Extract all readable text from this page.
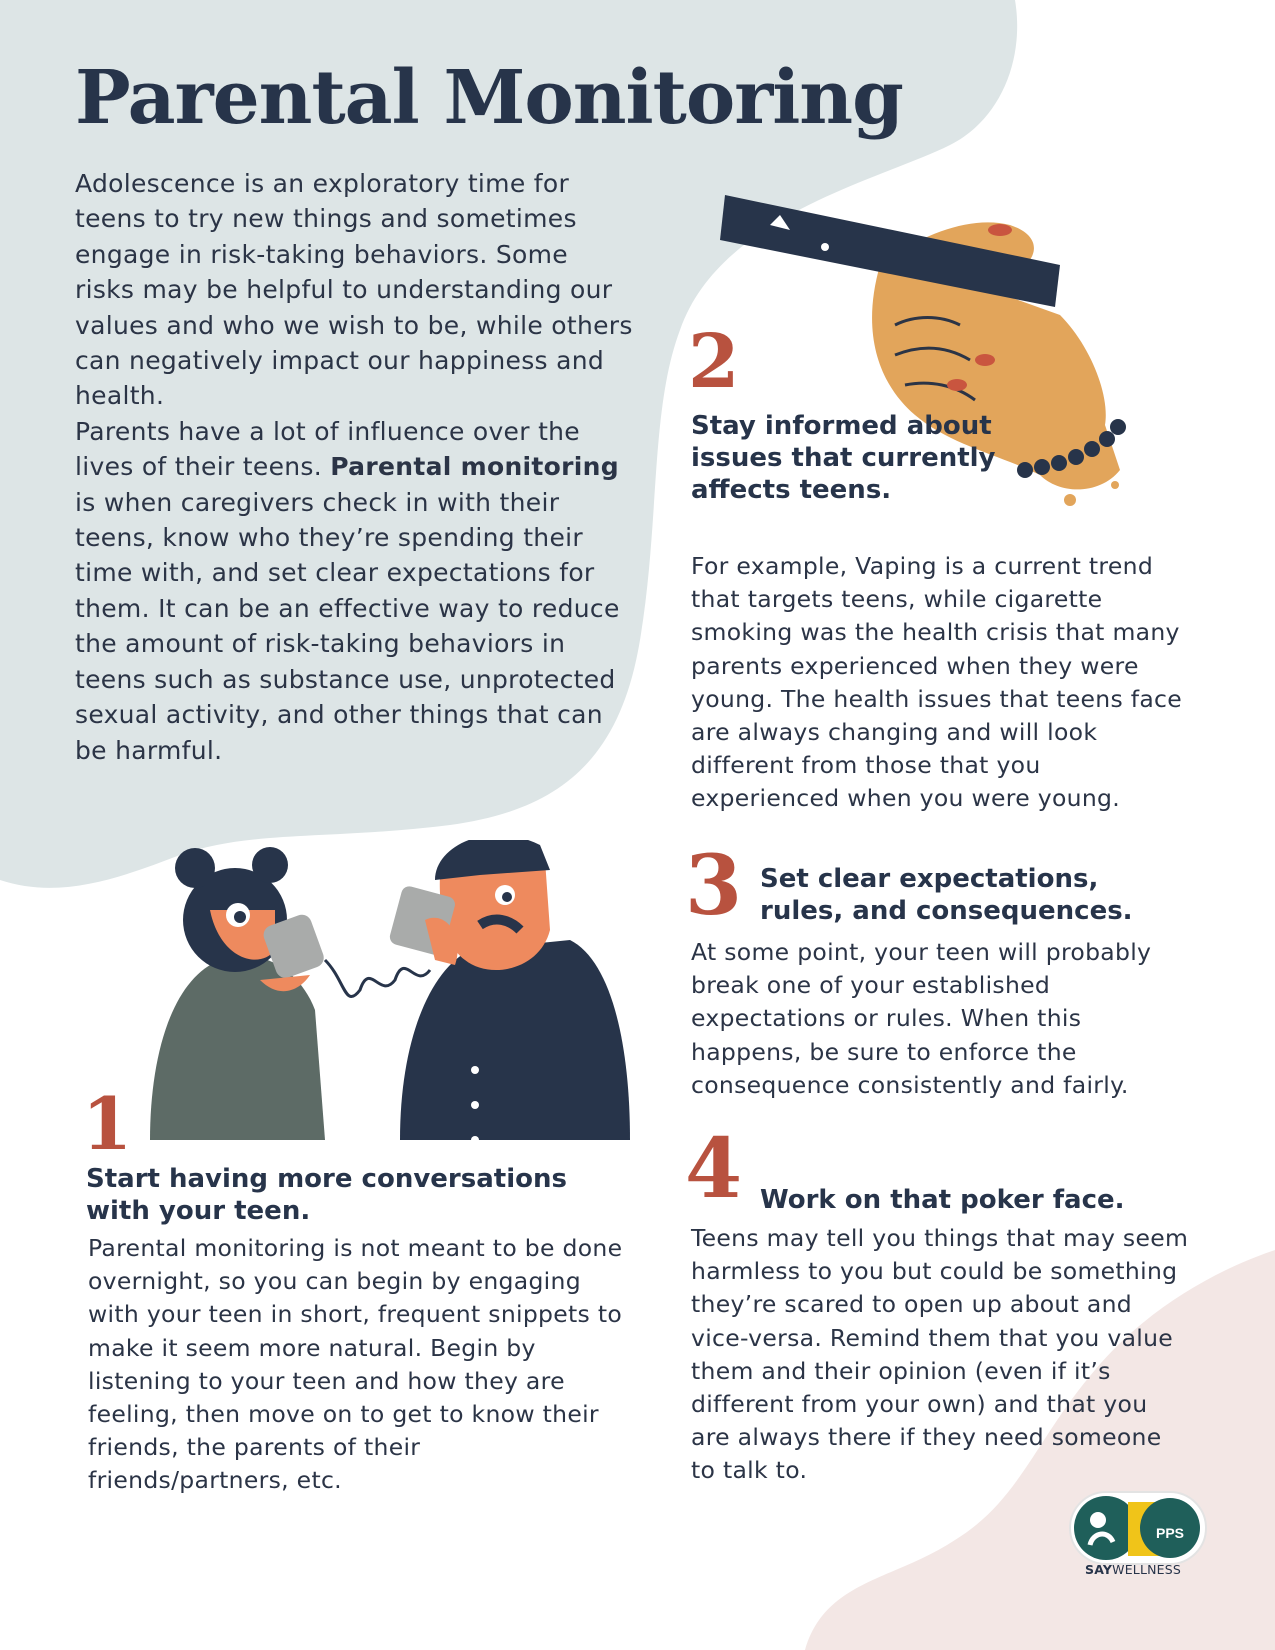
Parental Monitoring

Adolescence is an exploratory time for teens to try new things and sometimes engage in risk-taking behaviors. Some risks may be helpful to understanding our values and who we wish to be, while others can negatively impact our happiness and health.

Parents have a lot of influence over the lives of their teens. Parental monitoring is when caregivers check in with their teens, know who they’re spending their time with, and set clear expectations for them. It can be an effective way to reduce the amount of risk-taking behaviors in teens such as substance use, unprotected sexual activity, and other things that can be harmful.

1
Start having more conversations with your teen.
Parental monitoring is not meant to be done overnight, so you can begin by engaging with your teen in short, frequent snippets to make it seem more natural. Begin by listening to your teen and how they are feeling, then move on to get to know their friends, the parents of their friends/partners, etc.
2
Stay informed about issues that currently affects teens.
For example, Vaping is a current trend that targets teens, while cigarette smoking was the health crisis that many parents experienced when they were young. The health issues that teens face are always changing and will look different from those that you experienced when you were young.
3 Set clear expectations, rules, and consequences.
At some point, your teen will probably break one of your established expectations or rules. When this happens, be sure to enforce the consequence consistently and fairly.
4 Work on that poker face.
Teens may tell you things that may seem harmless to you but could be something they’re scared to open up about and vice-versa. Remind them that you value them and their opinion (even if it’s different from your own) and that you are always there if they need someone to talk to.
PPS
SAYWELLNESS
